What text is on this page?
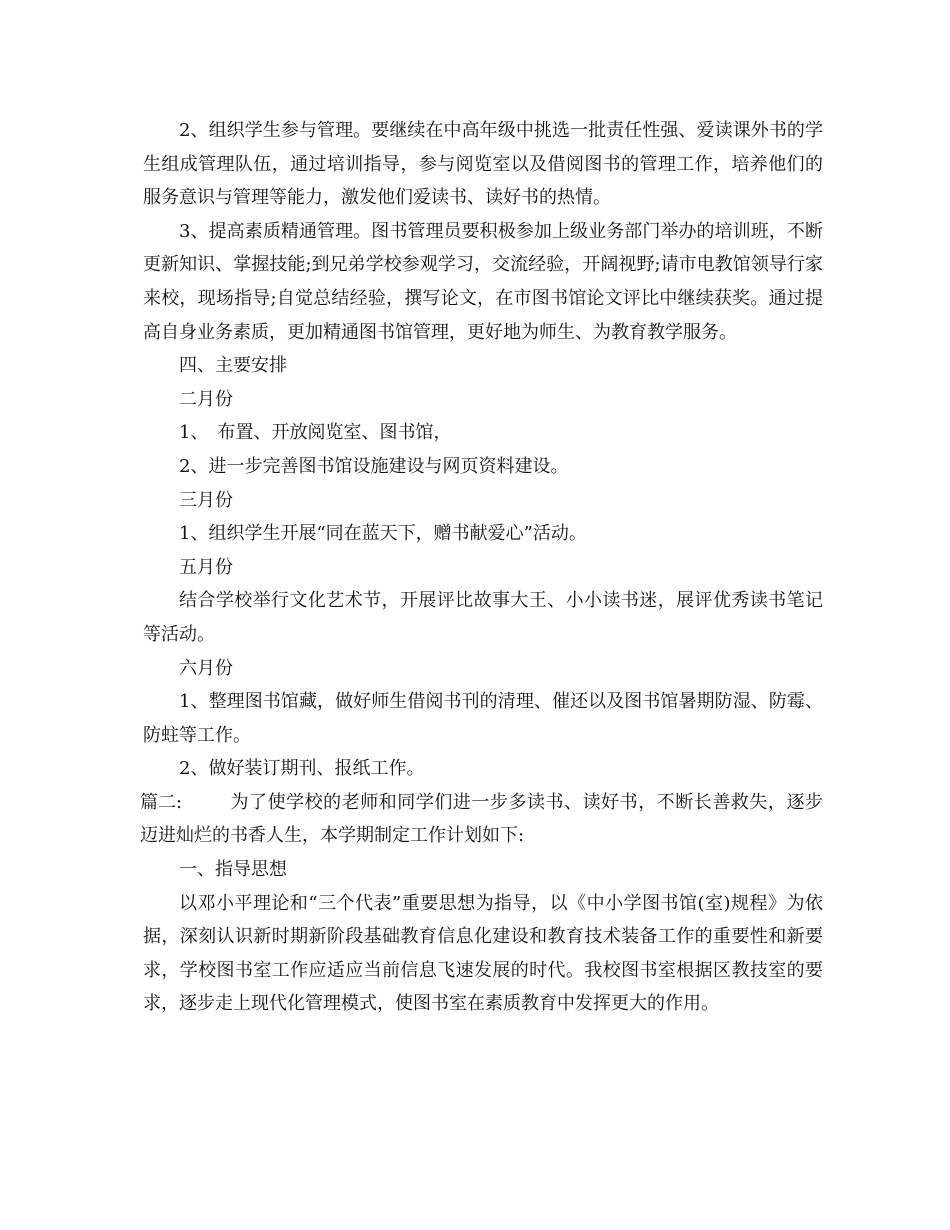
2、组织学生参与管理。要继续在中高年级中挑选一批责任性强、爱读课外书的学生组成管理队伍，通过培训指导，参与阅览室以及借阅图书的管理工作，培养他们的服务意识与管理等能力，激发他们爱读书、读好书的热情。

3、提高素质精通管理。图书管理员要积极参加上级业务部门举办的培训班，不断更新知识、掌握技能;到兄弟学校参观学习，交流经验，开阔视野;请市电教馆领导行家来校，现场指导;自觉总结经验，撰写论文，在市图书馆论文评比中继续获奖。通过提高自身业务素质，更加精通图书馆管理，更好地为师生、为教育教学服务。

四、主要安排

二月份

1、　布置、开放阅览室、图书馆，

2、进一步完善图书馆设施建设与网页资料建设。

三月份

1、组织学生开展“同在蓝天下，赠书献爱心”活动。

五月份

结合学校举行文化艺术节，开展评比故事大王、小小读书迷，展评优秀读书笔记等活动。

六月份

1、整理图书馆藏，做好师生借阅书刊的清理、催还以及图书馆暑期防湿、防霉、防蛀等工作。

2、做好装订期刊、报纸工作。

篇二:	为了使学校的老师和同学们进一步多读书、读好书，不断长善救失，逐步迈进灿烂的书香人生，本学期制定工作计划如下:

一、指导思想

以邓小平理论和“三个代表”重要思想为指导，以《中小学图书馆(室)规程》为依据，深刻认识新时期新阶段基础教育信息化建设和教育技术装备工作的重要性和新要求，学校图书室工作应适应当前信息飞速发展的时代。我校图书室根据区教技室的要求，逐步走上现代化管理模式，使图书室在素质教育中发挥更大的作用。
